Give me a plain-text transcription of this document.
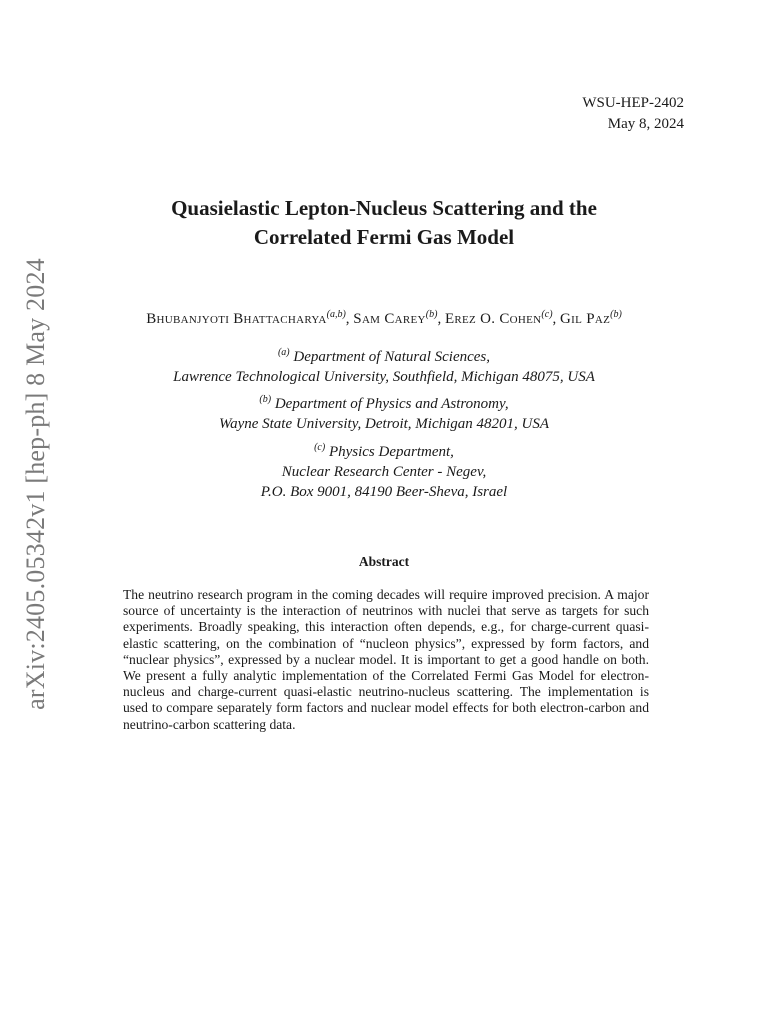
arXiv:2405.05342v1 [hep-ph] 8 May 2024
WSU-HEP-2402
May 8, 2024
Quasielastic Lepton-Nucleus Scattering and the
Correlated Fermi Gas Model
Bhubanjyoti Bhattacharya$^{(a,b)}$, Sam Carey$^{(b)}$, Erez O. Cohen$^{(c)}$, Gil Paz$^{(b)}$
$^{(a)}$ Department of Natural Sciences,
Lawrence Technological University, Southfield, Michigan 48075, USA
$^{(b)}$ Department of Physics and Astronomy,
Wayne State University, Detroit, Michigan 48201, USA
$^{(c)}$ Physics Department,
Nuclear Research Center - Negev,
P.O. Box 9001, 84190 Beer-Sheva, Israel
Abstract
The neutrino research program in the coming decades will require improved precision. A major source of uncertainty is the interaction of neutrinos with nuclei that serve as targets for such experiments. Broadly speaking, this interaction often depends, e.g., for charge-current quasi-elastic scattering, on the combination of “nucleon physics”, expressed by form factors, and “nuclear physics”, expressed by a nuclear model. It is important to get a good handle on both. We present a fully analytic implementation of the Correlated Fermi Gas Model for electron-nucleus and charge-current quasi-elastic neutrino-nucleus scattering. The implementation is used to compare separately form factors and nuclear model effects for both electron-carbon and neutrino-carbon scattering data.
